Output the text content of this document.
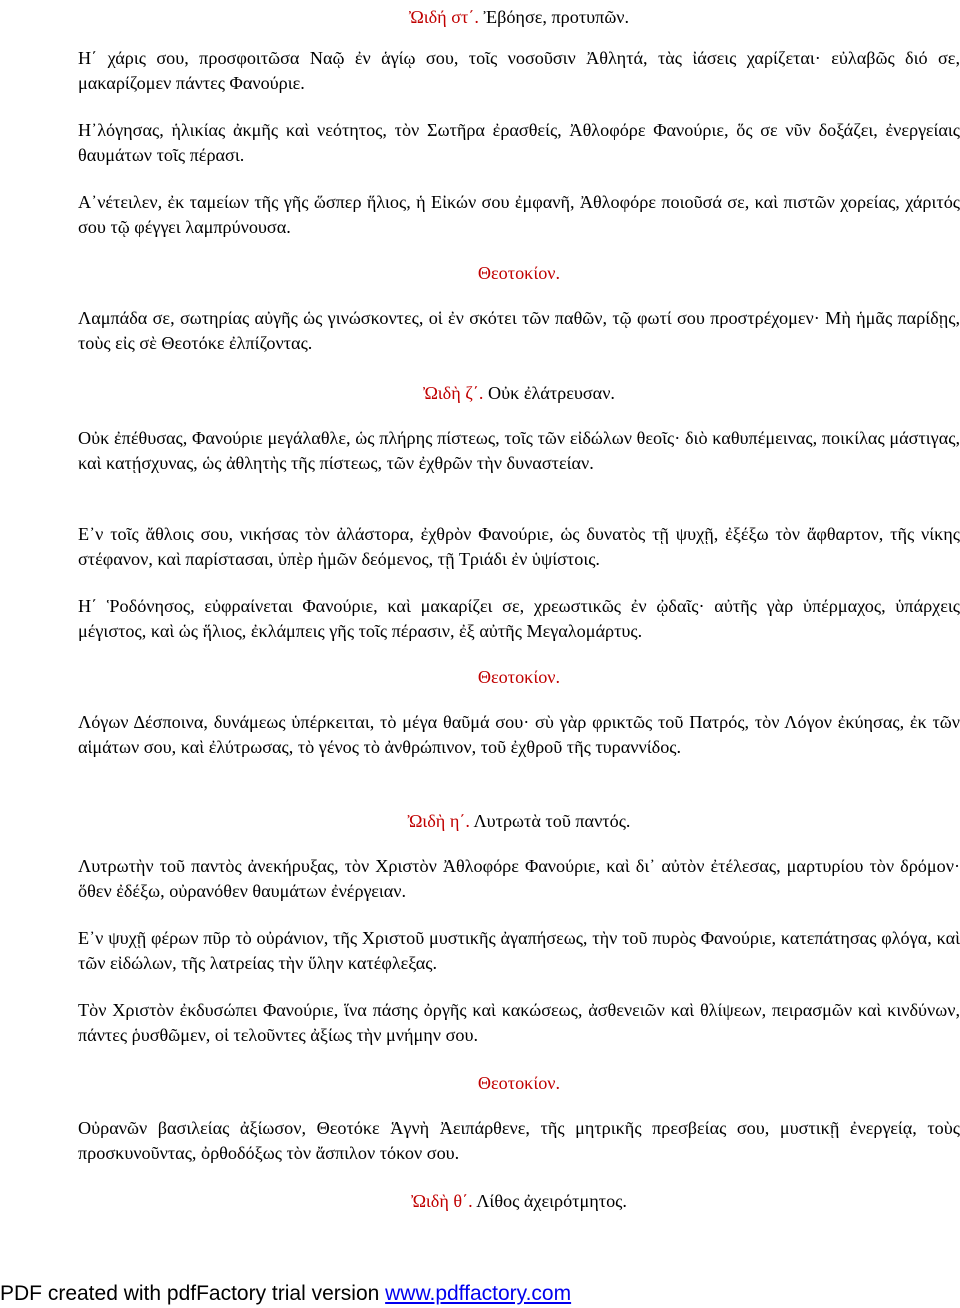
Ὠιδή στ΄. Ἐβόησε, προτυπῶν.
Η΄ χάρις σου, προσφοιτῶσα Ναῷ ἐν ἁγίῳ σου, τοῖς νοσοῦσιν Ἀθλητά, τὰς ἰάσεις χαρίζεται· εὐλαβῶς διό σε, μακαρίζομεν πάντες Φανούριε.
Η᾿λόγησας, ἡλικίας ἀκμῆς καὶ νεότητος, τὸν Σωτῆρα ἐρασθείς, Ἀθλοφόρε Φανούριε, ὅς σε νῦν δοξάζει, ἐνεργείαις θαυμάτων τοῖς πέρασι.
Α᾿νέτειλεν, ἐκ ταμείων τῆς γῆς ὥσπερ ἥλιος, ἡ Εἰκών σου ἐμφανῆ, Ἀθλοφόρε ποιοῦσά σε, καὶ πιστῶν χορείας, χάριτός σου τῷ φέγγει λαμπρύνουσα.
Θεοτοκίον.
Λαμπάδα σε, σωτηρίας αὐγῆς ὡς γινώσκοντες, οἱ ἐν σκότει τῶν παθῶν, τῷ φωτί σου προστρέχομεν· Μὴ ἡμᾶς παρίδῃς, τοὺς εἰς σὲ Θεοτόκε ἐλπίζοντας.
Ὠιδὴ ζ΄. Οὐκ ἐλάτρευσαν.
Οὐκ ἐπέθυσας, Φανούριε μεγάλαθλε, ὡς πλήρης πίστεως, τοῖς τῶν εἰδώλων θεοῖς· διὸ καθυπέμεινας, ποικίλας μάστιγας, καὶ κατῄσχυνας, ὡς ἀθλητὴς τῆς πίστεως, τῶν ἐχθρῶν τὴν δυναστείαν.
Ε᾿ν τοῖς ἄθλοις σου, νικήσας τὸν ἀλάστορα, ἐχθρὸν Φανούριε, ὡς δυνατὸς τῇ ψυχῇ, ἐξέξω τὸν ἄφθαρτον, τῆς νίκης στέφανον, καὶ παρίστασαι, ὑπὲρ ἡμῶν δεόμενος, τῇ Τριάδι ἐν ὑψίστοις.
Η΄ Ῥοδόνησος, εὐφραίνεται Φανούριε, καὶ μακαρίζει σε, χρεωστικῶς ἐν ᾠδαῖς· αὐτῆς γὰρ ὑπέρμαχος, ὑπάρχεις μέγιστος, καὶ ὡς ἥλιος, ἐκλάμπεις γῆς τοῖς πέρασιν, ἐξ αὐτῆς Μεγαλομάρτυς.
Θεοτοκίον.
Λόγων Δέσποινα, δυνάμεως ὑπέρκειται, τὸ μέγα θαῦμά σου· σὺ γὰρ φρικτῶς τοῦ Πατρός, τὸν Λόγον ἐκύησας, ἐκ τῶν αἱμάτων σου, καὶ ἐλύτρωσας, τὸ γένος τὸ ἀνθρώπινον, τοῦ ἐχθροῦ τῆς τυραννίδος.
Ὠιδὴ η΄. Λυτρωτὰ τοῦ παντός.
Λυτρωτὴν τοῦ παντὸς ἀνεκήρυξας, τὸν Χριστὸν Ἀθλοφόρε Φανούριε, καὶ δι᾿ αὐτὸν ἐτέλεσας, μαρτυρίου τὸν δρόμον· ὅθεν ἐδέξω, οὐρανόθεν θαυμάτων ἐνέργειαν.
Ε᾿ν ψυχῇ φέρων πῦρ τὸ οὐράνιον, τῆς Χριστοῦ μυστικῆς ἀγαπήσεως, τὴν τοῦ πυρὸς Φανούριε, κατεπάτησας φλόγα, καὶ τῶν εἰδώλων, τῆς λατρείας τὴν ὕλην κατέφλεξας.
Τὸν Χριστὸν ἐκδυσώπει Φανούριε, ἵνα πάσης ὀργῆς καὶ κακώσεως, ἀσθενειῶν καὶ θλίψεων, πειρασμῶν καὶ κινδύνων, πάντες ῥυσθῶμεν, οἱ τελοῦντες ἀξίως τὴν μνήμην σου.
Θεοτοκίον.
Οὐρανῶν βασιλείας ἀξίωσον, Θεοτόκε Ἁγνὴ Ἀειπάρθενε, τῆς μητρικῆς πρεσβείας σου, μυστικῇ ἐνεργείᾳ, τοὺς προσκυνοῦντας, ὀρθοδόξως τὸν ἄσπιλον τόκον σου.
Ὠιδὴ θ΄. Λίθος ἀχειρότμητος.
PDF created with pdfFactory trial version www.pdffactory.com
